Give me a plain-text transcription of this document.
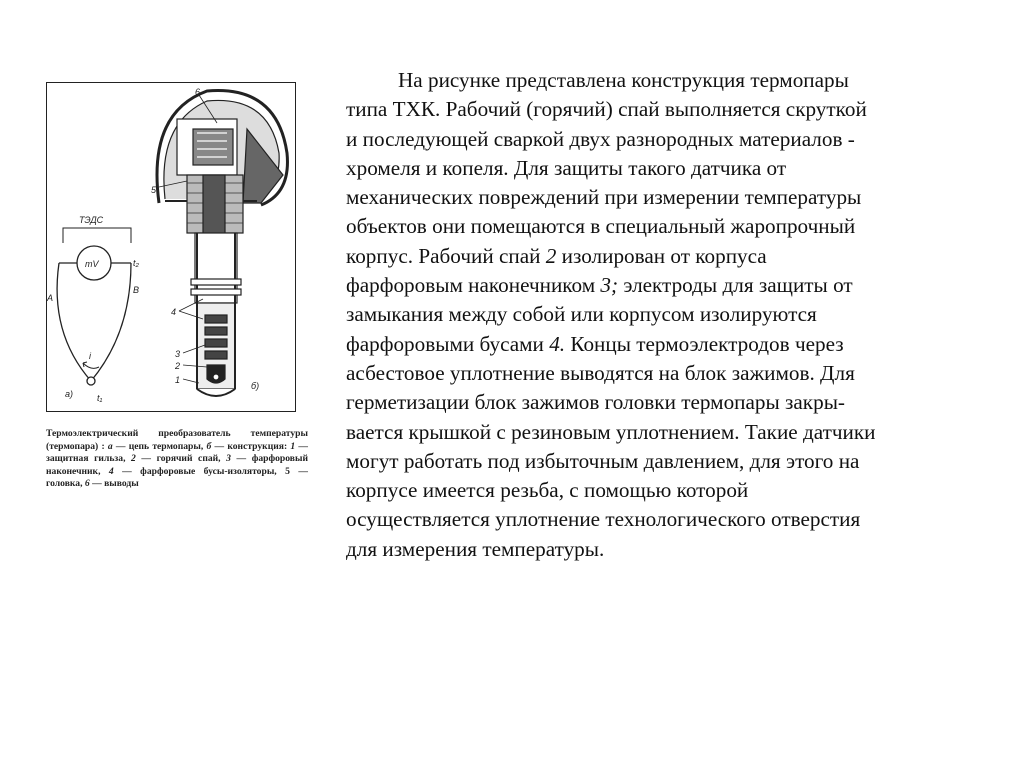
ТЭДС
mV	t₂
A
B
i
а)	t₁
6
5
4
3
2
1
б)
Термоэлектрический преобразователь температуры (термопара) : а — цепь термопары, б — конструкция: 1 — защитная гильза, 2 — горячий спай, 3 — фарфоровый наконечник, 4 — фарфоровые бусы-изоляторы, 5 — головка, 6 — выводы
На рисунке представлена конструкция термопары
типа ТХК. Рабочий (горячий) спай выполняется скруткой
и последующей сваркой двух разнородных материалов -
хромеля и копеля. Для защиты такого датчика от
механических повреждений при измерении температуры
объектов они помещаются в специальный жаропрочный
корпус. Рабочий спай 2 изолирован от корпуса
фарфоровым наконечником 3; электроды для защиты от
замыкания между собой или корпусом изолируются
фарфоровыми бусами 4. Концы термоэлектродов через
асбестовое уплотнение выводятся на блок зажимов. Для
герметизации блок зажимов головки термопары закры-
вается крышкой с резиновым уплотнением. Такие датчики
могут работать под избыточным давлением, для этого на
корпусе имеется резьба, с помощью которой
осуществляется уплотнение технологического отверстия
для измерения температуры.
